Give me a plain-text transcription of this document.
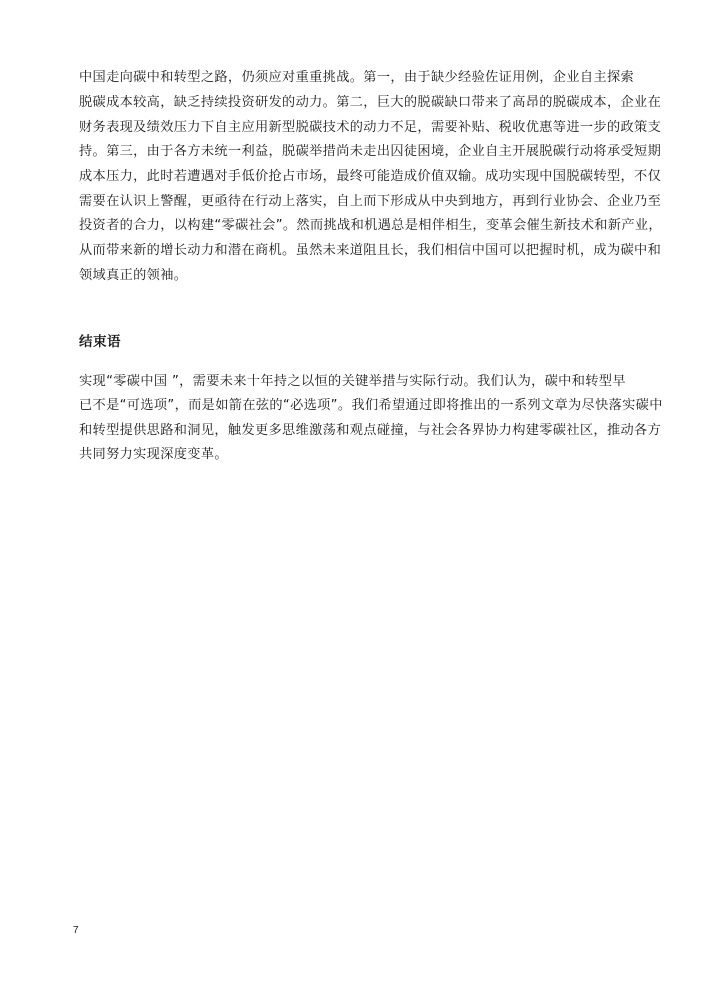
中国走向碳中和转型之路，仍须应对重重挑战。第一，由于缺少经验佐证用例，企业自主探索
脱碳成本较高，缺乏持续投资研发的动力。第二，巨大的脱碳缺口带来了高昂的脱碳成本，企业在
财务表现及绩效压力下自主应用新型脱碳技术的动力不足，需要补贴、税收优惠等进一步的政策支
持。第三，由于各方未统一利益，脱碳举措尚未走出囚徒困境，企业自主开展脱碳行动将承受短期
成本压力，此时若遭遇对手低价抢占市场，最终可能造成价值双输。成功实现中国脱碳转型，不仅
需要在认识上警醒，更亟待在行动上落实，自上而下形成从中央到地方，再到行业协会、企业乃至
投资者的合力，以构建“零碳社会”。然而挑战和机遇总是相伴相生，变革会催生新技术和新产业，
从而带来新的增长动力和潜在商机。虽然未来道阻且长，我们相信中国可以把握时机，成为碳中和
领域真正的领袖。
结束语
实现“零碳中国 ”，需要未来十年持之以恒的关键举措与实际行动。我们认为，碳中和转型早
已不是“可选项”，而是如箭在弦的“必选项”。我们希望通过即将推出的一系列文章为尽快落实碳中
和转型提供思路和洞见，触发更多思维激荡和观点碰撞，与社会各界协力构建零碳社区，推动各方
共同努力实现深度变革。
7
